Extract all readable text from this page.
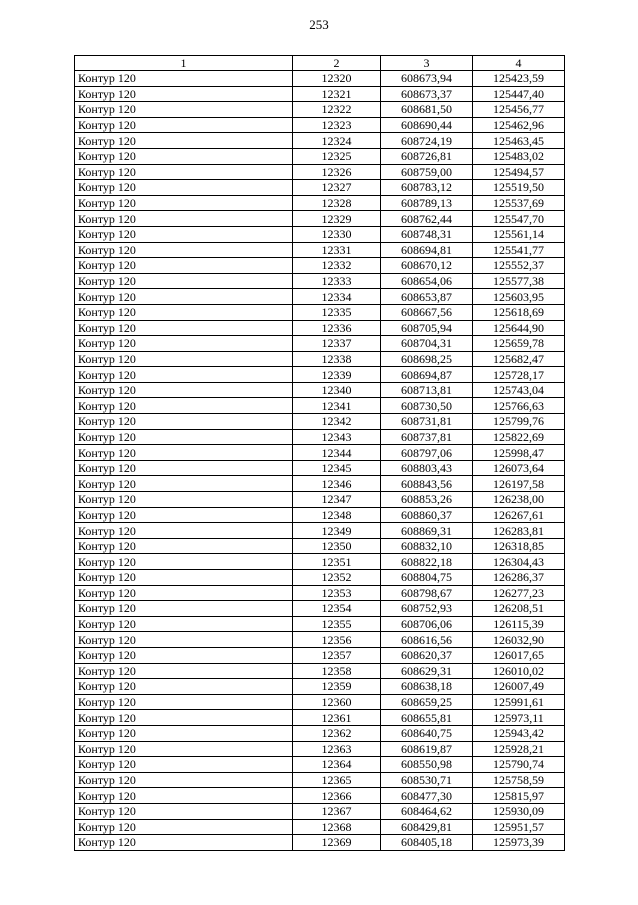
253
1	2	3	4
Контур 120	12320	608673,94	125423,59
Контур 120	12321	608673,37	125447,40
Контур 120	12322	608681,50	125456,77
Контур 120	12323	608690,44	125462,96
Контур 120	12324	608724,19	125463,45
Контур 120	12325	608726,81	125483,02
Контур 120	12326	608759,00	125494,57
Контур 120	12327	608783,12	125519,50
Контур 120	12328	608789,13	125537,69
Контур 120	12329	608762,44	125547,70
Контур 120	12330	608748,31	125561,14
Контур 120	12331	608694,81	125541,77
Контур 120	12332	608670,12	125552,37
Контур 120	12333	608654,06	125577,38
Контур 120	12334	608653,87	125603,95
Контур 120	12335	608667,56	125618,69
Контур 120	12336	608705,94	125644,90
Контур 120	12337	608704,31	125659,78
Контур 120	12338	608698,25	125682,47
Контур 120	12339	608694,87	125728,17
Контур 120	12340	608713,81	125743,04
Контур 120	12341	608730,50	125766,63
Контур 120	12342	608731,81	125799,76
Контур 120	12343	608737,81	125822,69
Контур 120	12344	608797,06	125998,47
Контур 120	12345	608803,43	126073,64
Контур 120	12346	608843,56	126197,58
Контур 120	12347	608853,26	126238,00
Контур 120	12348	608860,37	126267,61
Контур 120	12349	608869,31	126283,81
Контур 120	12350	608832,10	126318,85
Контур 120	12351	608822,18	126304,43
Контур 120	12352	608804,75	126286,37
Контур 120	12353	608798,67	126277,23
Контур 120	12354	608752,93	126208,51
Контур 120	12355	608706,06	126115,39
Контур 120	12356	608616,56	126032,90
Контур 120	12357	608620,37	126017,65
Контур 120	12358	608629,31	126010,02
Контур 120	12359	608638,18	126007,49
Контур 120	12360	608659,25	125991,61
Контур 120	12361	608655,81	125973,11
Контур 120	12362	608640,75	125943,42
Контур 120	12363	608619,87	125928,21
Контур 120	12364	608550,98	125790,74
Контур 120	12365	608530,71	125758,59
Контур 120	12366	608477,30	125815,97
Контур 120	12367	608464,62	125930,09
Контур 120	12368	608429,81	125951,57
Контур 120	12369	608405,18	125973,39
